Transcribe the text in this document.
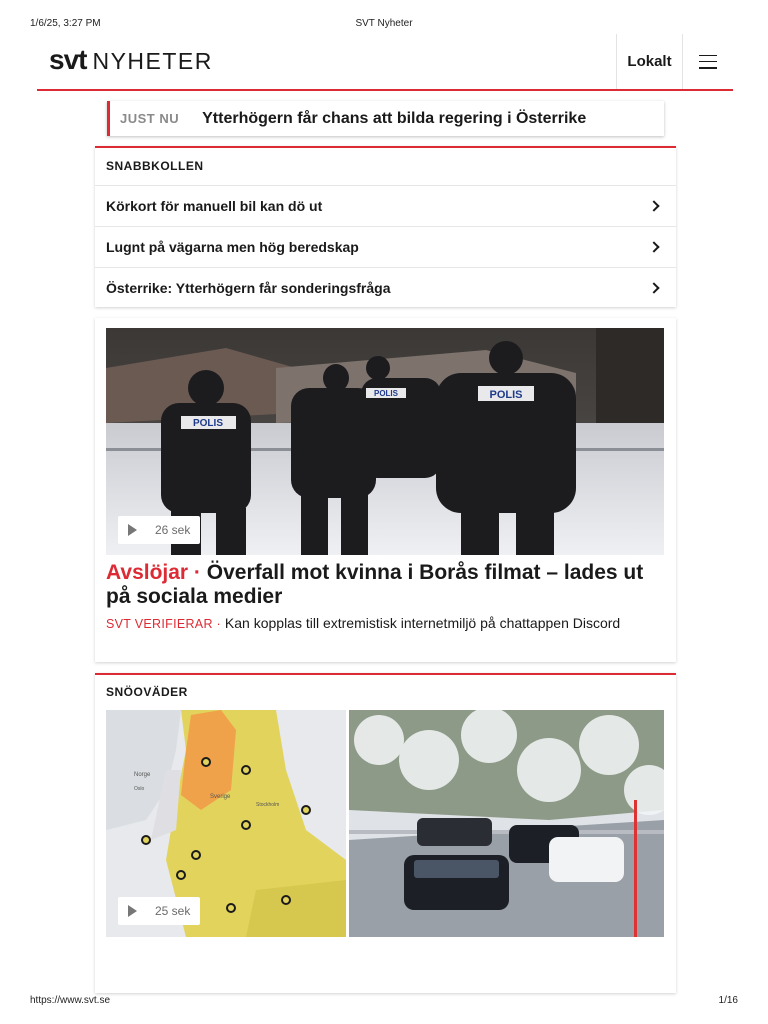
1/6/25, 3:27 PM	SVT Nyheter
svt NYHETER	Lokalt
JUST NU Ytterhögern får chans att bilda regering i Österrike
SNABBKOLLEN
Körkort för manuell bil kan dö ut
Lugnt på vägarna men hög beredskap
Österrike: Ytterhögern får sonderingsfråga
POLIS
POLIS	POLIS
26 sek
Avslöjar · Överfall mot kvinna i Borås filmat – lades ut på sociala medier

SVT VERIFIERAR · Kan kopplas till extremistisk internetmiljö på chattappen Discord

SNÖOVÄDER
Norge
Sverige
Oslo
Stockholm
25 sek
https://www.svt.se	1/16
